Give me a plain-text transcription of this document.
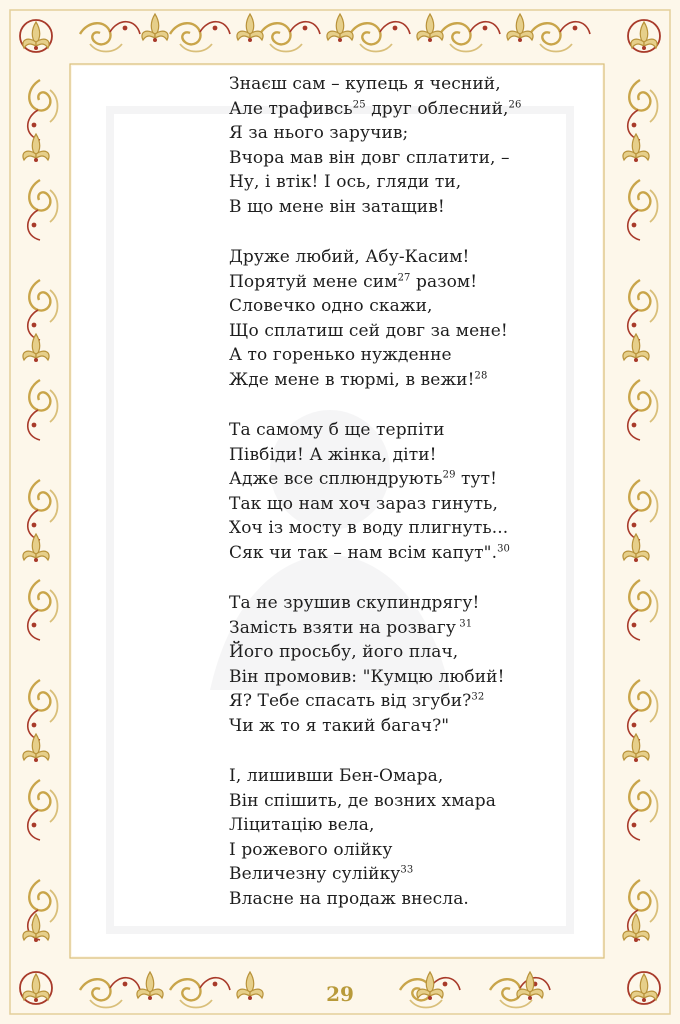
Знаєш сам – купець я чесний,
Але трафивсь$^{25}$ друг облесний,$^{26}$
Я за нього заручив;
Вчора мав він довг сплатити, –
Ну, і втік! І ось, гляди ти,
В що мене він затащив!
Друже любий, Абу-Касим!
Порятуй мене сим$^{27}$ разом!
Словечко одно скажи,
Що сплатиш сей довг за мене!
А то горенько нужденне
Жде мене в тюрмі, в вежи!$^{28}$
Та самому б ще терпіти
Півбіди! А жінка, діти!
Адже все сплюндрують$^{29}$ тут!
Так що нам хоч зараз гинуть,
Хоч із мосту в воду плигнуть...
Сяк чи так – нам всім капут".$^{30}$
Та не зрушив скупиндрягу!
Замість взяти на розвагу $^{31}$
Його просьбу, його плач,
Він промовив: "Кумцю любий!
Я? Тебе спасать від згуби?$^{32}$
Чи ж то я такий багач?"
І, лишивши Бен-Омара,
Він спішить, де возних хмара
Ліцитацію вела,
І рожевого олійку
Величезну сулійку$^{33}$
Власне на продаж внесла.
29
